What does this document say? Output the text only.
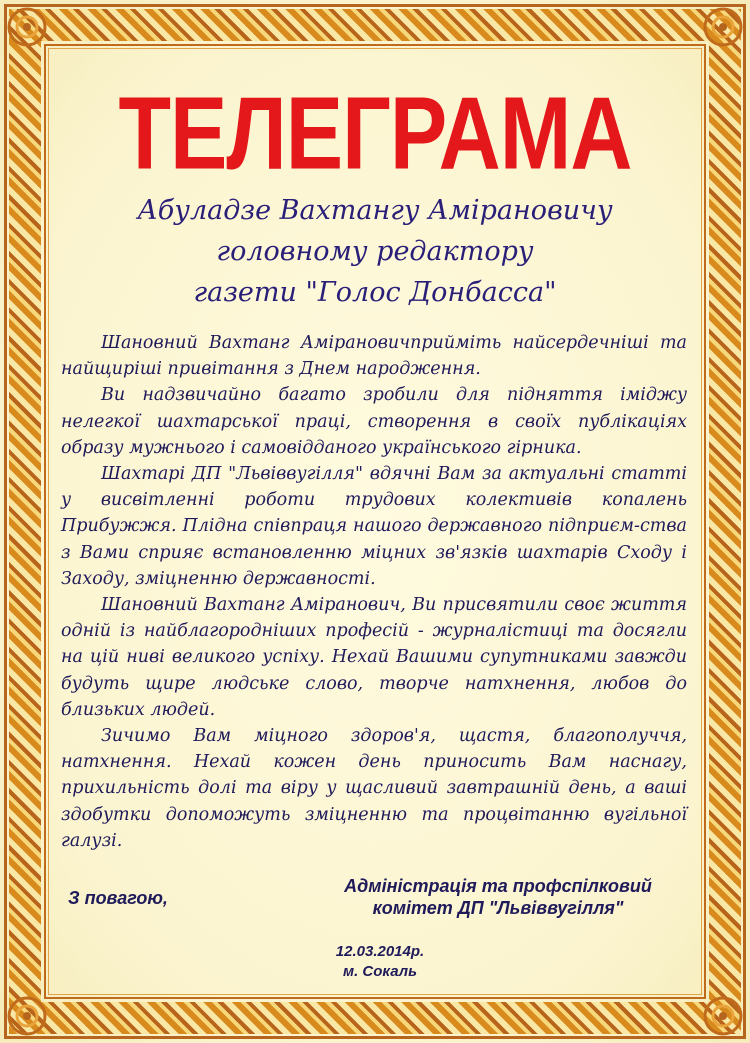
ТЕЛЕГРАМА
Абуладзе Вахтангу Амірановичу
головному редактору
газети "Голос Донбасса"

Шановний Вахтанг Амірановичприйміть найсердечніші та найщиріші привітання з Днем народження.

Ви надзвичайно багато зробили для підняття іміджу нелегкої шахтарської праці, створення в своїх публікаціях образу мужнього і самовідданого українського гірника.

Шахтарі ДП "Львіввугілля" вдячні Вам за актуальні статті у висвітленні роботи трудових колективів копалень Прибужжя. Плідна співпраця нашого державного підприєм-ства з Вами сприяє встановленню міцних зв'язків шахтарів Сходу і Заходу, зміцненню державності.

Шановний Вахтанг Амiранович, Ви присвятили своє життя одній із найблагородніших професій - журналістиці та досягли на цій ниві великого успіху. Нехай Вашими супутниками завжди будуть щире людське слово, творче натхнення, любов до близьких людей.

Зичимо Вам міцного здоров'я, щастя, благополуччя, натхнення. Нехай кожен день приносить Вам наснагу, прихильність долі та віру у щасливий завтрашній день, а ваші здобутки допоможуть зміцненню та процвітанню вугільної галузі.

З повагою,
Адміністрація та профспілковий
комітет ДП "Львіввугілля"
12.03.2014р.
м. Сокаль
